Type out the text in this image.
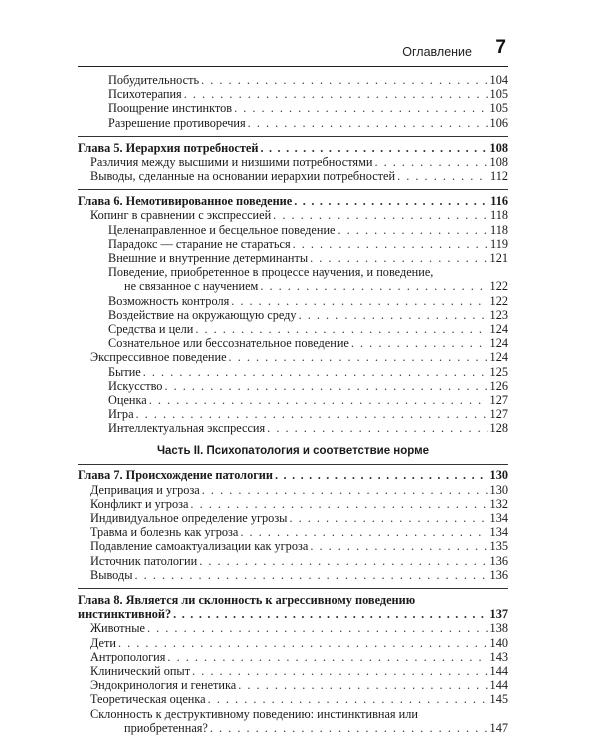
Оглавление 7
Побудительность . . .	104
Психотерапия . . .	105
Поощрение инстинктов . . .	105
Разрешение противоречия . . .	106
Глава 5. Иерархия потребностей . . .	108
Различия между высшими и низшими потребностями . . .	108
Выводы, сделанные на основании иерархии потребностей . . .	112
Глава 6. Немотивированное поведение . . .	116
Копинг в сравнении с экспрессией . . .	118
Целенаправленное и бесцельное поведение . . .	118
Парадокс — старание не стараться . . .	119
Внешние и внутренние детерминанты . . .	121
Поведение, приобретенное в процессе научения, и поведение,
не связанное с научением . . .	122
Возможность контроля . . .	122
Воздействие на окружающую среду . . .	123
Средства и цели . . .	124
Сознательное или бессознательное поведение . . .	124
Экспрессивное поведение . . .	124
Бытие . . .	125
Искусство . . .	126
Оценка . . .	127
Игра . . .	127
Интеллектуальная экспрессия . . .	128
Часть II. Психопатология и соответствие норме
Глава 7. Происхождение патологии . . .	130
Депривация и угроза . . .	130
Конфликт и угроза . . .	132
Индивидуальное определение угрозы . . .	134
Травма и болезнь как угроза . . .	134
Подавление самоактуализации как угроза . . .	135
Источник патологии . . .	136
Выводы . . .	136
Глава 8. Является ли склонность к агрессивному поведению
инстинктивной? . . .	137
Животные . . .	138
Дети . . .	140
Антропология . . .	143
Клинический опыт . . .	144
Эндокринология и генетика . . .	144
Теоретическая оценка . . .	145
Склонность к деструктивному поведению: инстинктивная или
приобретенная? . . .	147
